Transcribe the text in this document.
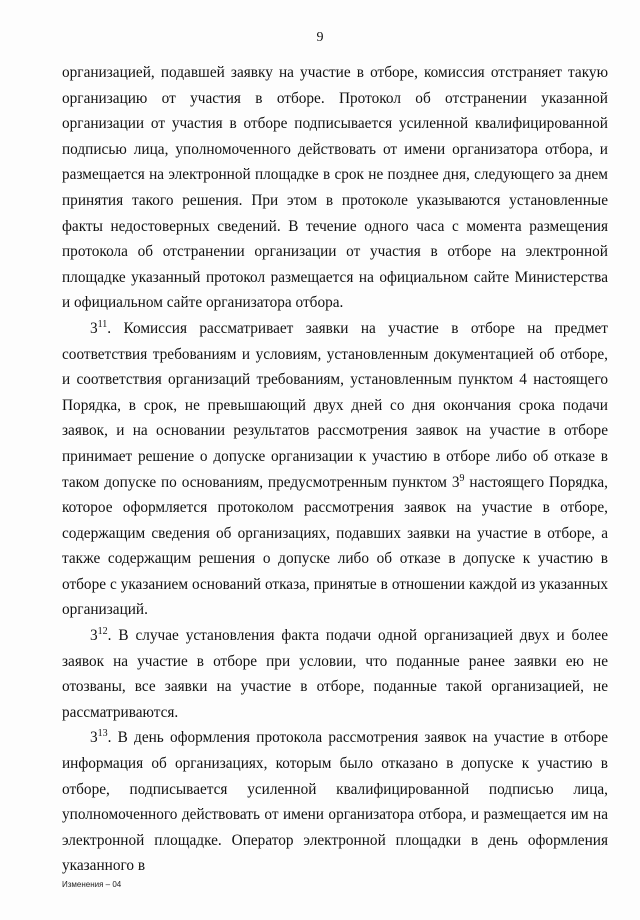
9

организацией, подавшей заявку на участие в отборе, комиссия отстраняет такую организацию от участия в отборе. Протокол об отстранении указанной организации от участия в отборе подписывается усиленной квалифицированной подписью лица, уполномоченного действовать от имени организатора отбора, и размещается на электронной площадке в срок не позднее дня, следующего за днем принятия такого решения. При этом в протоколе указываются установленные факты недостоверных сведений. В течение одного часа с момента размещения протокола об отстранении организации от участия в отборе на электронной площадке указанный протокол размещается на официальном сайте Министерства и официальном сайте организатора отбора.

$3^{11}$. Комиссия рассматривает заявки на участие в отборе на предмет соответствия требованиям и условиям, установленным документацией об отборе, и соответствия организаций требованиям, установленным пунктом 4 настоящего Порядка, в срок, не превышающий двух дней со дня окончания срока подачи заявок, и на основании результатов рассмотрения заявок на участие в отборе принимает решение о допуске организации к участию в отборе либо об отказе в таком допуске по основаниям, предусмотренным пунктом $3^9$ настоящего Порядка, которое оформляется протоколом рассмотрения заявок на участие в отборе, содержащим сведения об организациях, подавших заявки на участие в отборе, а также содержащим решения о допуске либо об отказе в допуске к участию в отборе с указанием оснований отказа, принятые в отношении каждой из указанных организаций.

$3^{12}$. В случае установления факта подачи одной организацией двух и более заявок на участие в отборе при условии, что поданные ранее заявки ею не отозваны, все заявки на участие в отборе, поданные такой организацией, не рассматриваются.

$3^{13}$. В день оформления протокола рассмотрения заявок на участие в отборе информация об организациях, которым было отказано в допуске к участию в отборе, подписывается усиленной квалифицированной подписью лица, уполномоченного действовать от имени организатора отбора, и размещается им на электронной площадке. Оператор электронной площадки в день оформления указанного в

Изменения – 04
